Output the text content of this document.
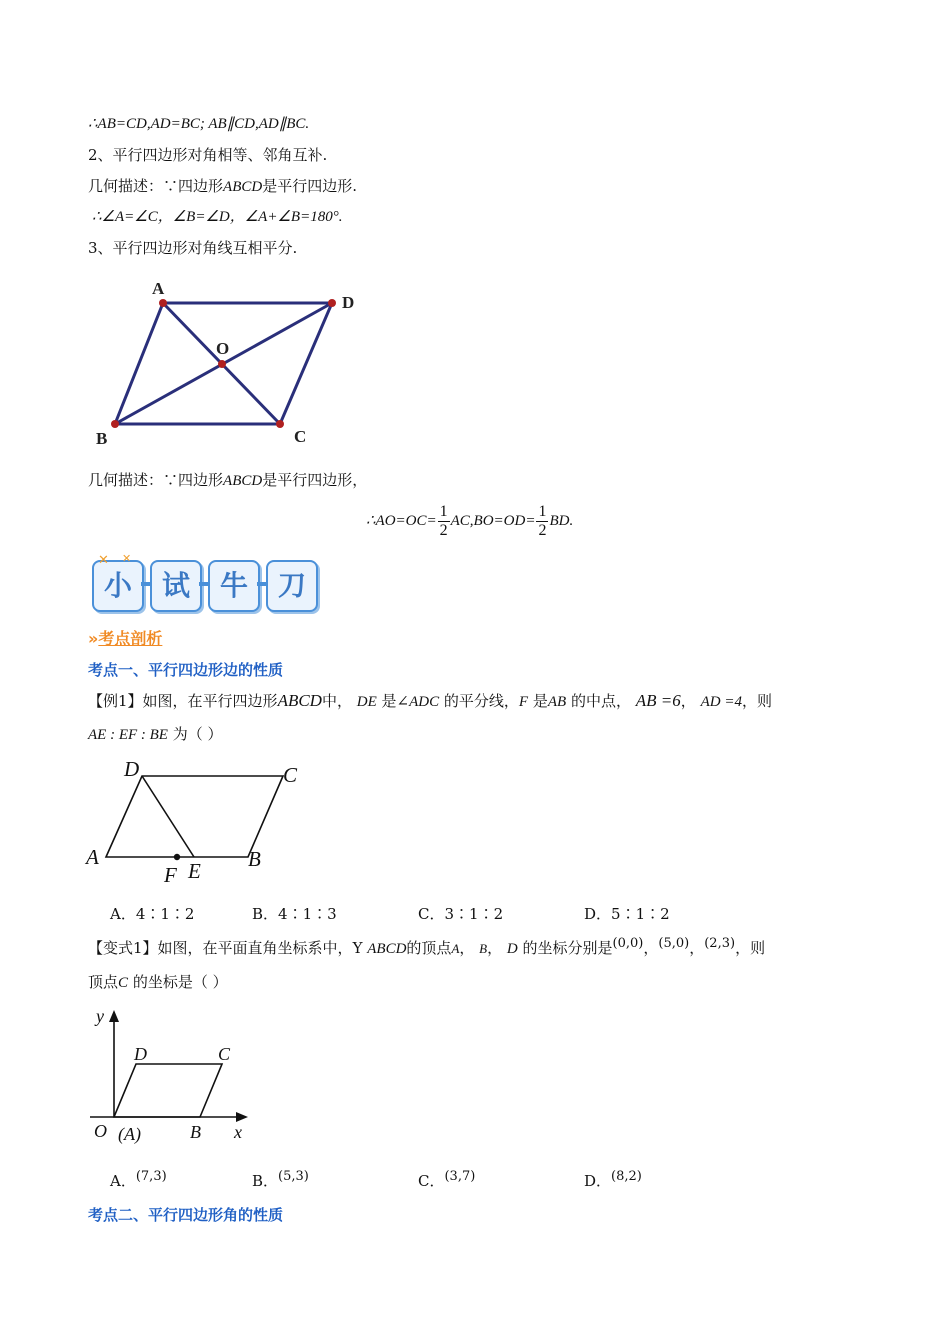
∴AB=CD,AD=BC; AB∥CD,AD∥BC.
2、平行四边形对角相等、邻角互补.
几何描述：∵四边形ABCD是平行四边形.
∴∠A=∠C，∠B=∠D，∠A+∠B=180°.
3、平行四边形对角线互相平分.
A
D
B	C
O
几何描述：∵四边形ABCD是平行四边形，
∴AO=OC= $\frac{1}{2} AC,BO=OD= \frac{1}{2}$ BD.
小	试	牛	刀
✕ ✕
»考点剖析
考点一、平行四边形边的性质
【例1】如图，在平行四边形ABCD中， DE 是∠ADC 的平分线，F 是AB 的中点， AB =6， AD =4，则
AE : EF : BE 为（ ）
D	C
A
F E B
A．4∶1∶2	B．4∶1∶3	C．3∶1∶2	D．5∶1∶2
【变式1】如图，在平面直角坐标系中，Y ABCD的顶点A， B， D 的坐标分别是(0,0)，(5,0)，(2,3)，则
顶点C 的坐标是（ ）
y
D	C
O (A)	B x
A．(7,3)	B．(5,3)	C．(3,7)	D．(8,2)
考点二、平行四边形角的性质
